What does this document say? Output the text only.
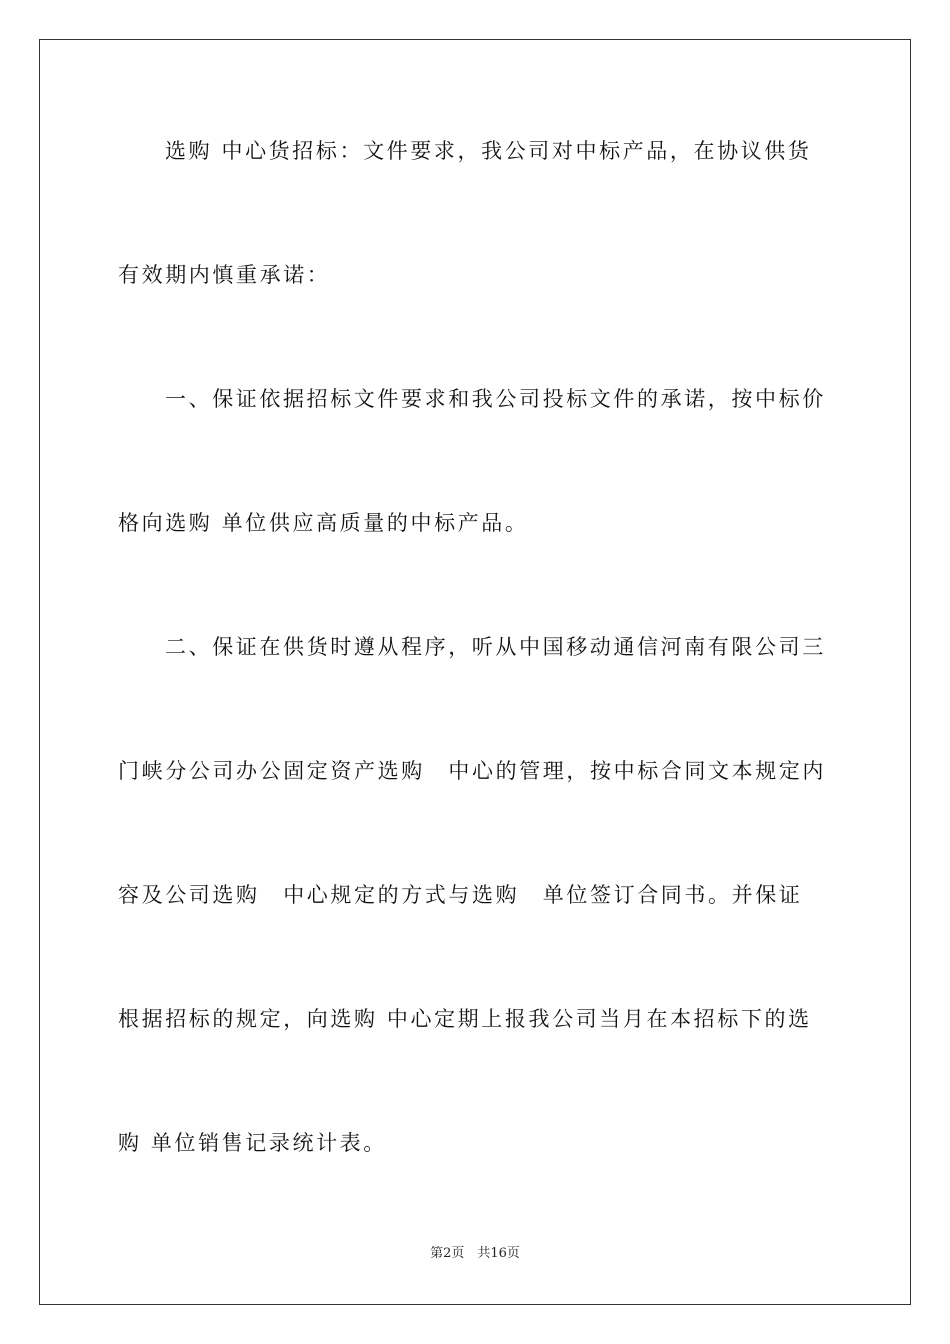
选购 中心货招标：文件要求，我公司对中标产品，在协议供货
有效期内慎重承诺：
一、保证依据招标文件要求和我公司投标文件的承诺，按中标价
格向选购 单位供应高质量的中标产品。
二、保证在供货时遵从程序，听从中国移动通信河南有限公司三
门峡分公司办公固定资产选购　中心的管理，按中标合同文本规定内
容及公司选购　中心规定的方式与选购　单位签订合同书。并保证
根据招标的规定，向选购 中心定期上报我公司当月在本招标下的选
购 单位销售记录统计表。
第2页　共16页
